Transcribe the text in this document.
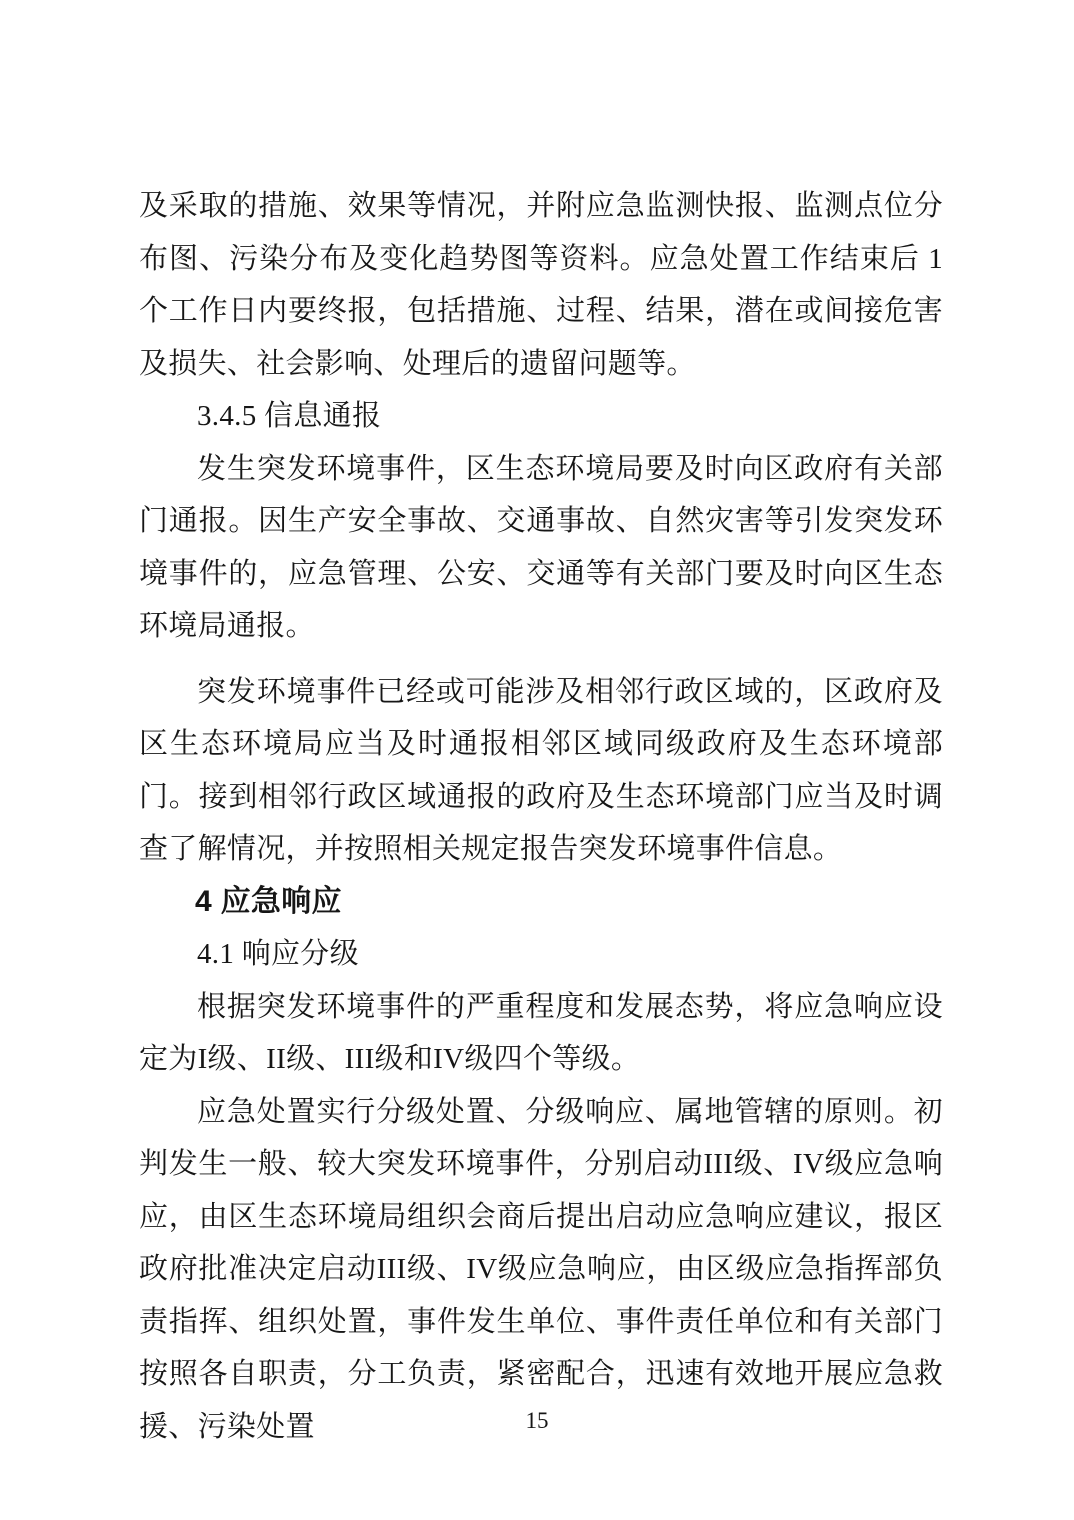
及采取的措施、效果等情况，并附应急监测快报、监测点位分布图、污染分布及变化趋势图等资料。应急处置工作结束后 1 个工作日内要终报，包括措施、过程、结果，潜在或间接危害及损失、社会影响、处理后的遗留问题等。

3.4.5 信息通报

发生突发环境事件，区生态环境局要及时向区政府有关部门通报。因生产安全事故、交通事故、自然灾害等引发突发环境事件的，应急管理、公安、交通等有关部门要及时向区生态环境局通报。

突发环境事件已经或可能涉及相邻行政区域的，区政府及区生态环境局应当及时通报相邻区域同级政府及生态环境部门。接到相邻行政区域通报的政府及生态环境部门应当及时调查了解情况，并按照相关规定报告突发环境事件信息。

4 应急响应

4.1 响应分级

根据突发环境事件的严重程度和发展态势，将应急响应设定为I级、II级、III级和IV级四个等级。

应急处置实行分级处置、分级响应、属地管辖的原则。初判发生一般、较大突发环境事件，分别启动III级、IV级应急响应，由区生态环境局组织会商后提出启动应急响应建议，报区政府批准决定启动III级、IV级应急响应，由区级应急指挥部负责指挥、组织处置，事件发生单位、事件责任单位和有关部门按照各自职责，分工负责，紧密配合，迅速有效地开展应急救援、污染处置	15
